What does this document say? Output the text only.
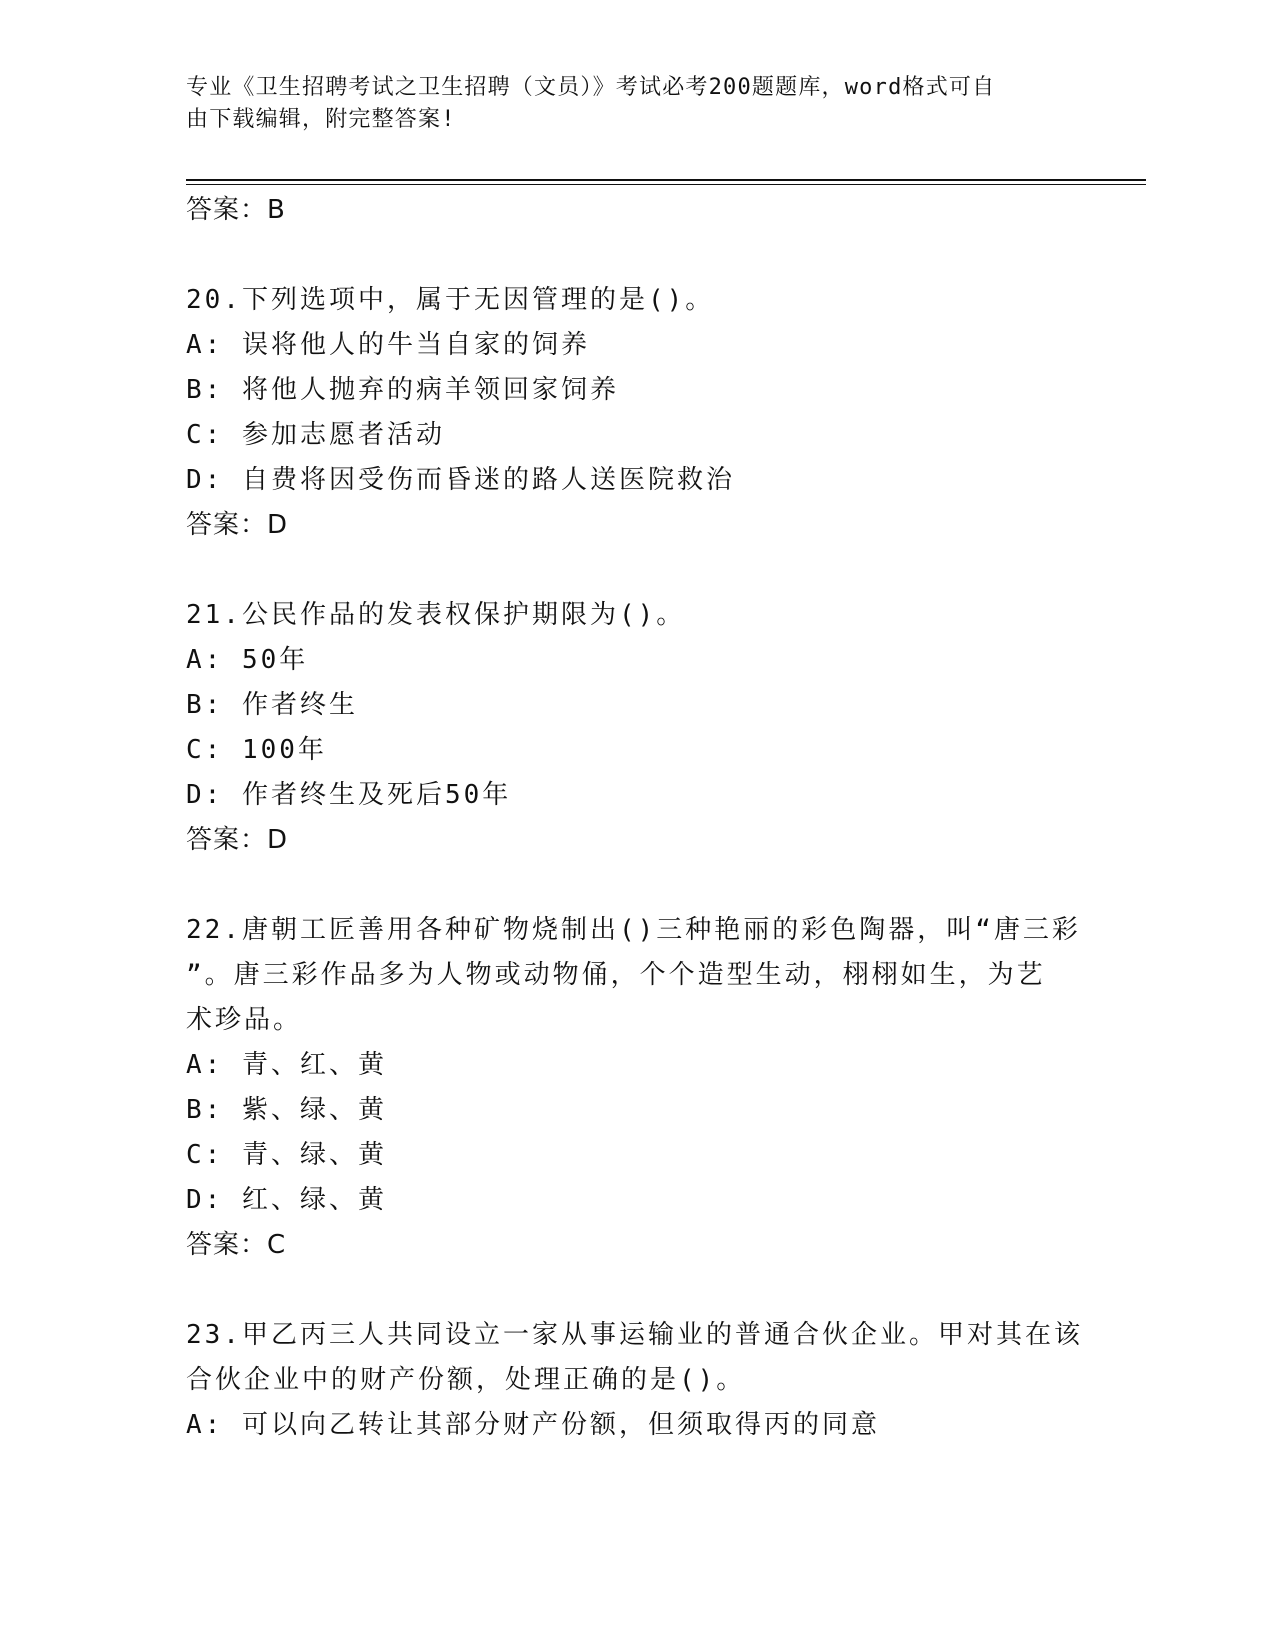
专业《卫生招聘考试之卫生招聘（文员）》考试必考200题题库，word格式可自
由下载编辑，附完整答案!
答案：B
20.下列选项中，属于无因管理的是()。
A: 误将他人的牛当自家的饲养
B: 将他人抛弃的病羊领回家饲养
C: 参加志愿者活动
D: 自费将因受伤而昏迷的路人送医院救治
答案：D
21.公民作品的发表权保护期限为()。
A: 50年
B: 作者终生
C: 100年
D: 作者终生及死后50年
答案：D
22.唐朝工匠善用各种矿物烧制出()三种艳丽的彩色陶器，叫“唐三彩
”。唐三彩作品多为人物或动物俑，个个造型生动，栩栩如生，为艺
术珍品。
A: 青、红、黄
B: 紫、绿、黄
C: 青、绿、黄
D: 红、绿、黄
答案：C
23.甲乙丙三人共同设立一家从事运输业的普通合伙企业。甲对其在该
合伙企业中的财产份额，处理正确的是()。
A: 可以向乙转让其部分财产份额，但须取得丙的同意
